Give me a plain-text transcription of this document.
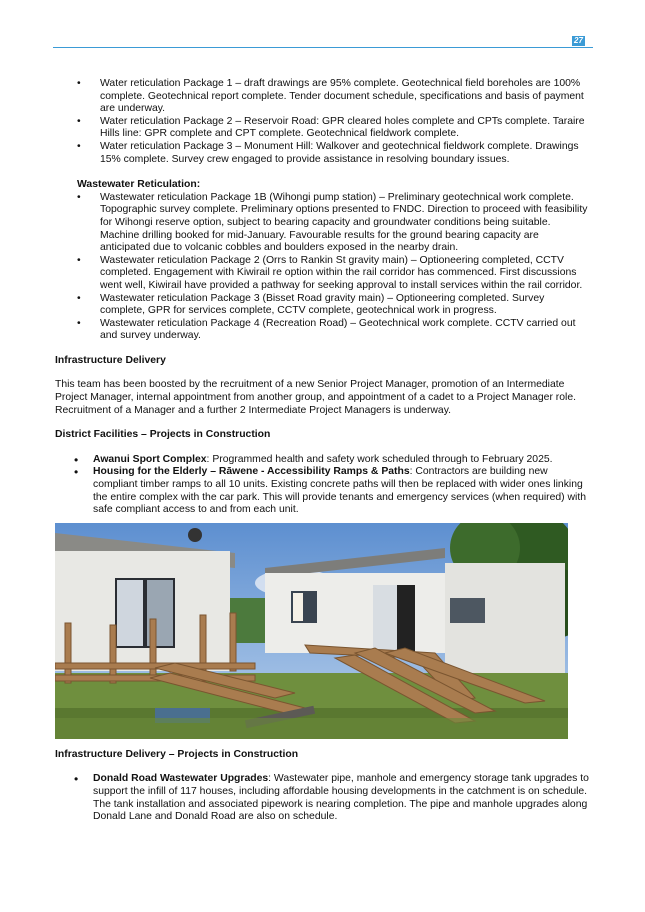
27
• Water reticulation Package 1 – draft drawings are 95% complete. Geotechnical field boreholes are 100% complete. Geotechnical report complete. Tender document schedule, specifications and basis of payment are underway.
• Water reticulation Package 2 – Reservoir Road: GPR cleared holes complete and CPTs complete. Taraire Hills line: GPR complete and CPT complete. Geotechnical fieldwork complete.
• Water reticulation Package 3 – Monument Hill: Walkover and geotechnical fieldwork complete. Drawings 15% complete. Survey crew engaged to provide assistance in resolving boundary issues.
Wastewater Reticulation:
• Wastewater reticulation Package 1B (Wihongi pump station) – Preliminary geotechnical work complete. Topographic survey complete. Preliminary options presented to FNDC. Direction to proceed with feasibility for Wihongi reserve option, subject to bearing capacity and groundwater conditions being suitable. Machine drilling booked for mid-January. Favourable results for the ground bearing capacity are anticipated due to volcanic cobbles and boulders exposed in the nearby drain.
• Wastewater reticulation Package 2 (Orrs to Rankin St gravity main) – Optioneering completed, CCTV completed. Engagement with Kiwirail re option within the rail corridor has commenced. First discussions went well, Kiwirail have provided a pathway for seeking approval to install services within the rail corridor.
• Wastewater reticulation Package 3 (Bisset Road gravity main) – Optioneering completed. Survey complete, GPR for services complete, CCTV complete, geotechnical work in progress.
• Wastewater reticulation Package 4 (Recreation Road) – Geotechnical work complete. CCTV carried out and survey underway.
Infrastructure Delivery

This team has been boosted by the recruitment of a new Senior Project Manager, promotion of an Intermediate Project Manager, internal appointment from another group, and appointment of a cadet to a Project Manager role. Recruitment of a Manager and a further 2 Intermediate Project Managers is underway.

District Facilities – Projects in Construction
• Awanui Sport Complex: Programmed health and safety work scheduled through to February 2025.
• Housing for the Elderly – Rāwene - Accessibility Ramps & Paths: Contractors are building new compliant timber ramps to all 10 units. Existing concrete paths will then be replaced with wider ones linking the entire complex with the car park. This will provide tenants and emergency services (when required) with safe compliant access to and from each unit.
Infrastructure Delivery – Projects in Construction
• Donald Road Wastewater Upgrades: Wastewater pipe, manhole and emergency storage tank upgrades to support the infill of 117 houses, including affordable housing developments in the catchment is on schedule. The tank installation and associated pipework is nearing completion. The pipe and manhole upgrades along Donald Lane and Donald Road are also on schedule.
